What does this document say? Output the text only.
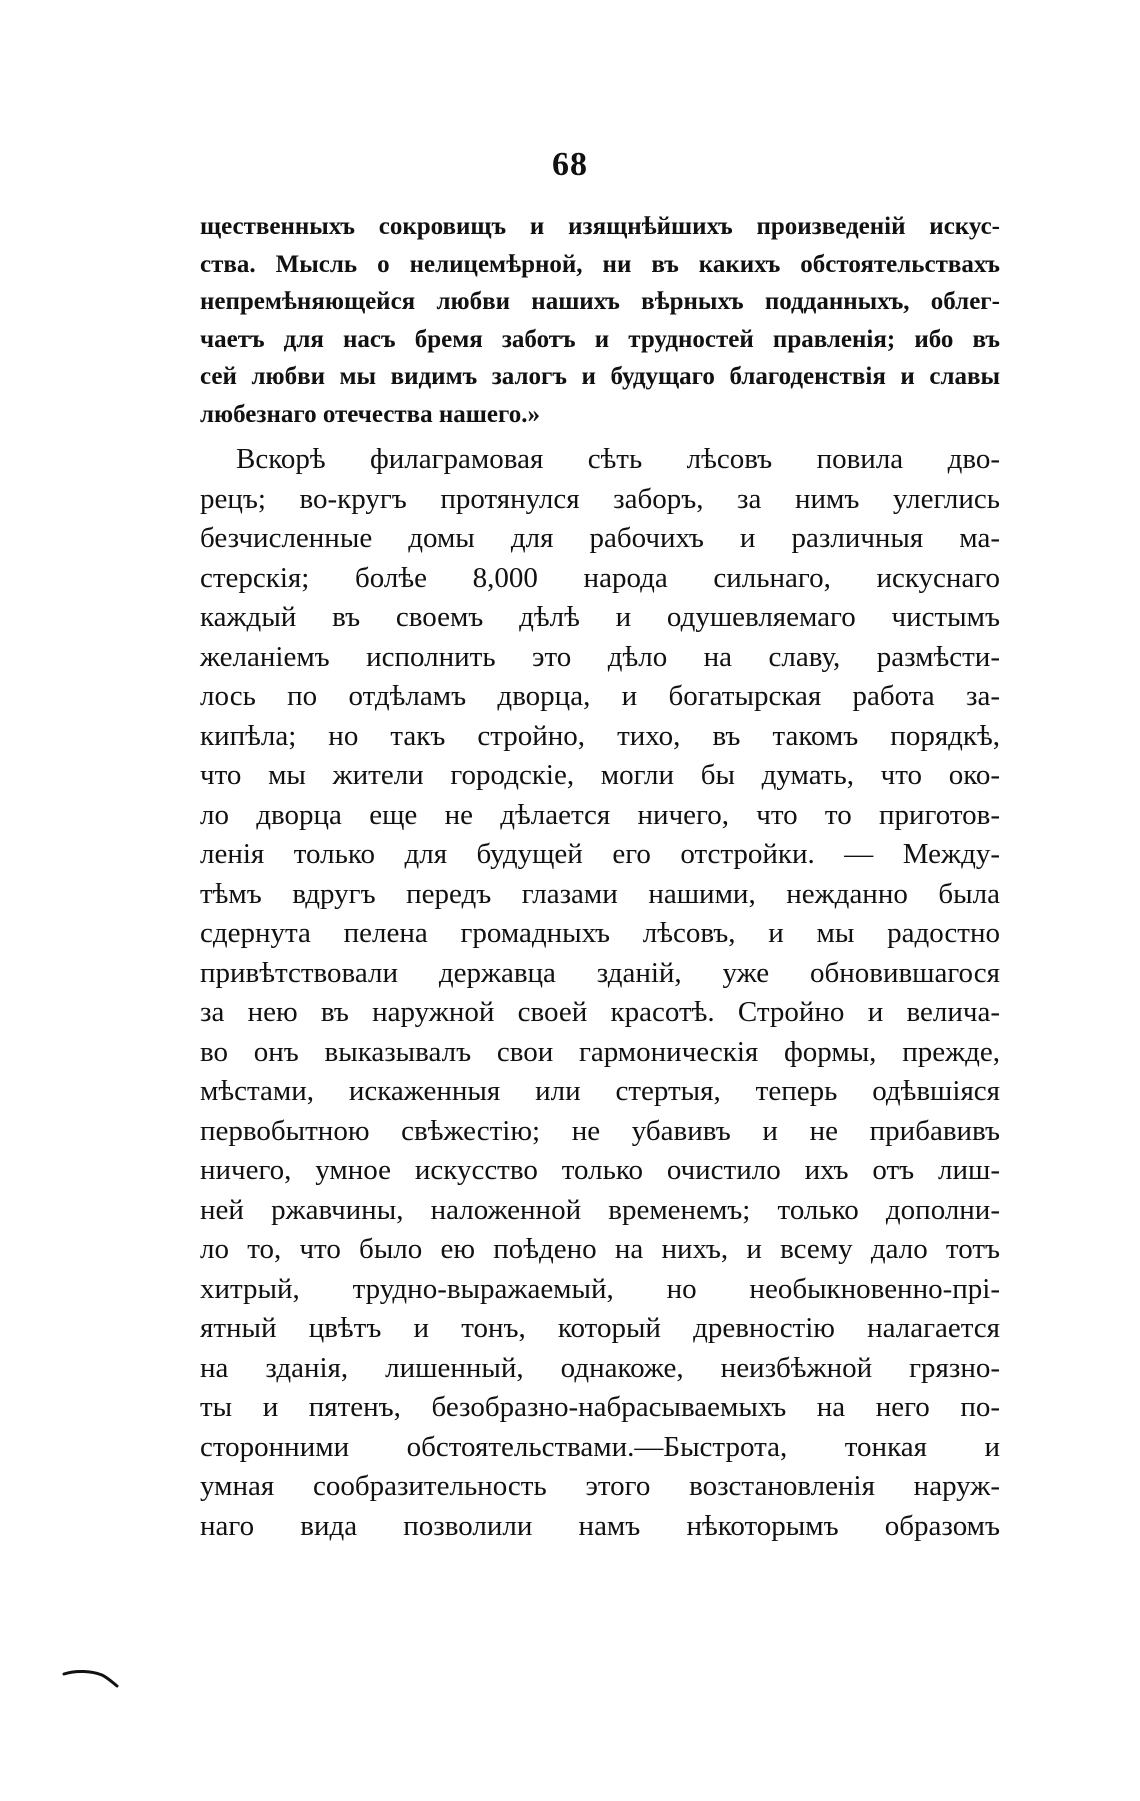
68
щественныхъ сокровищъ и изящнѣйшихъ произведенiй искус-
ства. Мысль о нелицемѣрной, ни въ какихъ обстоятельствахъ
непремѣняющейся любви нашихъ вѣрныхъ подданныхъ, облег-
чаетъ для насъ бремя заботъ и трудностей правленiя; ибо въ
сей любви мы видимъ залогъ и будущаго благоденствiя и славы
любезнаго отечества нашего.»
Вскорѣ филаграмовая сѣть лѣсовъ повила дво-
рецъ; во-кругъ протянулся заборъ, за нимъ улеглись
безчисленные домы для рабочихъ и различныя ма-
стерскiя; болѣе 8,000 народа сильнаго, искуснаго
каждый въ своемъ дѣлѣ и одушевляемаго чистымъ
желанiемъ исполнить это дѣло на славу, размѣсти-
лось по отдѣламъ дворца, и богатырская работа за-
кипѣла; но такъ стройно, тихо, въ такомъ порядкѣ,
что мы жители городскiе, могли бы думать, что око-
ло дворца еще не дѣлается ничего, что то приготов-
ленiя только для будущей его отстройки. — Между-
тѣмъ вдругъ передъ глазами нашими, нежданно была
сдернута пелена громадныхъ лѣсовъ, и мы радостно
привѣтствовали державца зданiй, уже обновившагося
за нею въ наружной своей красотѣ. Стройно и велича-
во онъ выказывалъ свои гармоническiя формы, прежде,
мѣстами, искаженныя или стертыя, теперь одѣвшiяся
первобытною свѣжестiю; не убавивъ и не прибавивъ
ничего, умное искусство только очистило ихъ отъ лиш-
ней ржавчины, наложенной временемъ; только дополни-
ло то, что было ею поѣдено на нихъ, и всему дало тотъ
хитрый, трудно-выражаемый, но необыкновенно-прi-
ятный цвѣтъ и тонъ, который древностiю налагается
на зданiя, лишенный, однакоже, неизбѣжной грязно-
ты и пятенъ, безобразно-набрасываемыхъ на него по-
сторонними обстоятельствами.—Быстрота, тонкая и
умная сообразительность этого возстановленiя наруж-
наго вида позволили намъ нѣкоторымъ образомъ
